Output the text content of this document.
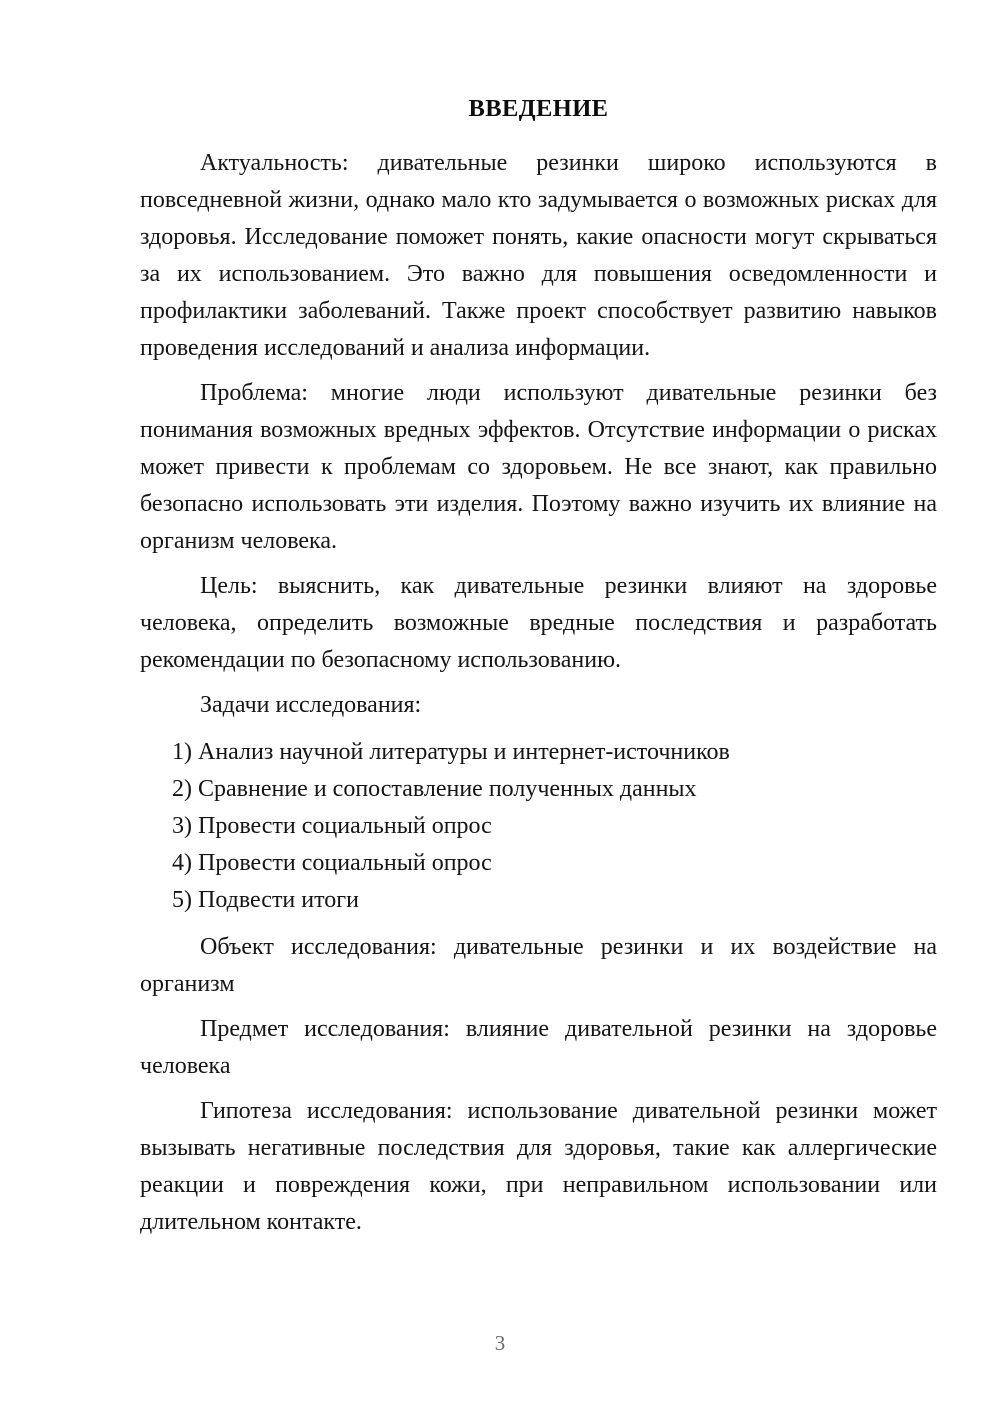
ВВЕДЕНИЕ

Актуальность: дивательные резинки широко используются в повседневной жизни, однако мало кто задумывается о возможных рисках для здоровья. Исследование поможет понять, какие опасности могут скрываться за их использованием. Это важно для повышения осведомленности и профилактики заболеваний. Также проект способствует развитию навыков проведения исследований и анализа информации.

Проблема: многие люди используют дивательные резинки без понимания возможных вредных эффектов. Отсутствие информации о рисках может привести к проблемам со здоровьем. Не все знают, как правильно безопасно использовать эти изделия. Поэтому важно изучить их влияние на организм человека.

Цель: выяснить, как дивательные резинки влияют на здоровье человека, определить возможные вредные последствия и разработать рекомендации по безопасному использованию.

Задачи исследования:

1) Анализ научной литературы и интернет-источников
2) Сравнение и сопоставление полученных данных
3) Провести социальный опрос
4) Провести социальный опрос
5) Подвести итоги

Объект исследования: дивательные резинки и их воздействие на организм

Предмет исследования: влияние дивательной резинки на здоровье человека

Гипотеза исследования: использование дивательной резинки может вызывать негативные последствия для здоровья, такие как аллергические реакции и повреждения кожи, при неправильном использовании или длительном контакте.

3
